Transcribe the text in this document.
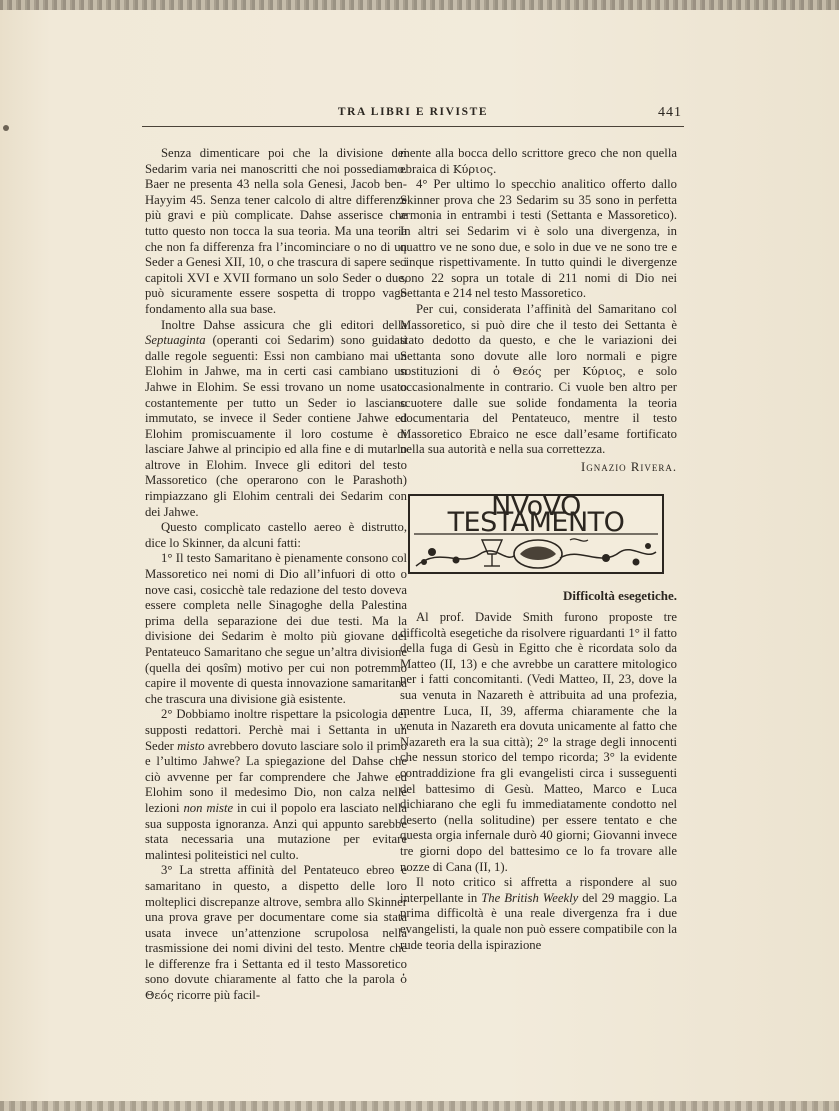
TRA LIBRI E RIVISTE	441

Senza dimenticare poi che la divisione dei Sedarim varia nei manoscritti che noi possediamo. Baer ne presenta 43 nella sola Genesi, Jacob ben-Hayyim 45. Senza tener calcolo di altre differenze più gravi e più complicate. Dahse asserisce che tutto questo non tocca la sua teoria. Ma una teoria che non fa differenza fra l’incominciare o no di un Seder a Genesi XII, 10, o che trascura di sapere se i capitoli XVI e XVII formano un solo Seder o due, può sicuramente essere sospetta di troppo vago fondamento alla sua base.

Inoltre Dahse assicura che gli editori della Septuaginta (operanti coi Sedarim) sono guidati dalle regole seguenti: Essi non cambiano mai un Elohim in Jahwe, ma in certi casi cambiano un Jahwe in Elohim. Se essi trovano un nome usato costantemente per tutto un Seder io lasciano immutato, se invece il Seder contiene Jahwe ed Elohim promiscuamente il loro costume è di lasciare Jahwe al principio ed alla fine e di mutarlo altrove in Elohim. Invece gli editori del testo Massoretico (che operarono con le Parashoth) rimpiazzano gli Elohim centrali dei Sedarim con dei Jahwe.

Questo complicato castello aereo è distrutto, dice lo Skinner, da alcuni fatti:

1° Il testo Samaritano è pienamente consono col Massoretico nei nomi di Dio all’infuori di otto o nove casi, cosicchè tale redazione del testo doveva essere completa nelle Sinagoghe della Palestina prima della separazione dei due testi. Ma la divisione dei Sedarim è molto più giovane del Pentateuco Samaritano che segue un’altra divisione (quella dei qosîm) motivo per cui non potremmo capire il movente di questa innovazione samaritana che trascura una divisione già esistente.

2° Dobbiamo inoltre rispettare la psicologia dei supposti redattori. Perchè mai i Settanta in un Seder misto avrebbero dovuto lasciare solo il primo e l’ultimo Jahwe? La spiegazione del Dahse che ciò avvenne per far comprendere che Jahwe ed Elohim sono il medesimo Dio, non calza nelle lezioni non miste in cui il popolo era lasciato nella sua supposta ignoranza. Anzi qui appunto sarebbe stata necessaria una mutazione per evitare malintesi politeistici nel culto.

3° La stretta affinità del Pentateuco ebreo e samaritano in questo, a dispetto delle loro molteplici discrepanze altrove, sembra allo Skinner una prova grave per documentare come sia stata usata invece un’attenzione scrupolosa nella trasmissione dei nomi divini del testo. Mentre che le differenze fra i Settanta ed il testo Massoretico sono dovute chiaramente al fatto che la parola ὁ Θεός ricorre più facil-

mente alla bocca dello scrittore greco che non quella ebraica di Κύριος.

4° Per ultimo lo specchio analitico offerto dallo Skinner prova che 23 Sedarim su 35 sono in perfetta armonia in entrambi i testi (Settanta e Massoretico). In altri sei Sedarim vi è solo una divergenza, in quattro ve ne sono due, e solo in due ve ne sono tre e cinque rispettivamente. In tutto quindi le divergenze sono 22 sopra un totale di 211 nomi di Dio nei Settanta e 214 nel testo Massoretico.

Per cui, considerata l’affinità del Samaritano col Massoretico, si può dire che il testo dei Settanta è stato dedotto da questo, e che le variazioni dei Settanta sono dovute alle loro normali e pigre sostituzioni di ὁ Θεός per Κύριος, e solo occasionalmente in contrario. Ci vuole ben altro per scuotere dalle sue solide fondamenta la teoria documentaria del Pentateuco, mentre il testo Massoretico Ebraico ne esce dall’esame fortificato nella sua autorità e nella sua correttezza.

Ignazio Rivera.
NVoVO TESTAMENTO
Difficoltà esegetiche.

Al prof. Davide Smith furono proposte tre difficoltà esegetiche da risolvere riguardanti 1° il fatto della fuga di Gesù in Egitto che è ricordata solo da Matteo (II, 13) e che avrebbe un carattere mitologico per i fatti concomitanti. (Vedi Matteo, II, 23, dove la sua venuta in Nazareth è attribuita ad una profezia, mentre Luca, II, 39, afferma chiaramente che la venuta in Nazareth era dovuta unicamente al fatto che Nazareth era la sua città); 2° la strage degli innocenti che nessun storico del tempo ricorda; 3° la evidente contraddizione fra gli evangelisti circa i susseguenti del battesimo di Gesù. Matteo, Marco e Luca dichiarano che egli fu immediatamente condotto nel deserto (nella solitudine) per essere tentato e che questa orgia infernale durò 40 giorni; Giovanni invece tre giorni dopo del battesimo ce lo fa trovare alle nozze di Cana (II, 1).

Il noto critico si affretta a rispondere al suo interpellante in The British Weekly del 29 maggio. La prima difficoltà è una reale divergenza fra i due evangelisti, la quale non può essere compatibile con la rude teoria della ispirazione
